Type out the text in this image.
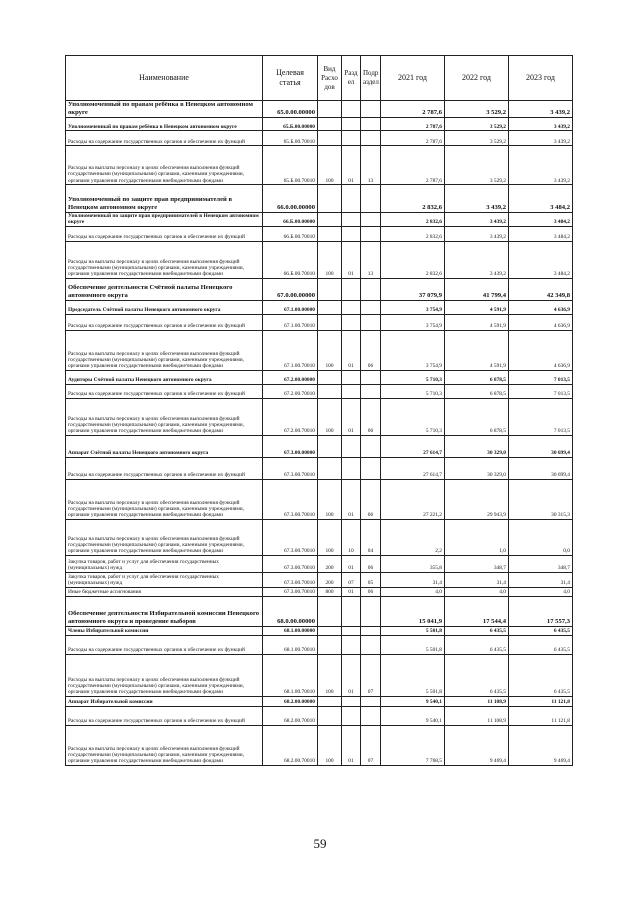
Наименование	Целевая статья	Вид Расхо дов	Разд ел	Подр аздел	2021 год	2022 год	2023 год
Уполномоченный по правам ребёнка в Ненецком автономном округе	65.0.00.00000				2 787,6	3 529,2	3 439,2
Уполномоченный по правам ребёнка в Ненецком автономном округе	65.Б.00.00000				2 787,6	3 529,2	3 439,2
Расходы на содержание государственных органов и обеспечение их функций	65.Б.00.70010				2 787,6	3 529,2	3 439,2
Расходы на выплаты персоналу в целях обеспечения выполнения функций государственными (муниципальными) органами, казенными учреждениями, органами управления государственными внебюджетными фондами	65.Б.00.70010	100	01	13	2 787,6	3 529,2	3 439,2
Уполномоченный по защите прав предпринимателей в Ненецком автономном округе	66.0.00.00000				2 832,6	3 439,2	3 484,2
Уполномоченный по защите прав предпринимателей в Ненецком автономном округе	66.Б.00.00000				2 832,6	3 439,2	3 484,2
Расходы на содержание государственных органов и обеспечение их функций	66.Б.00.70010				2 832,6	3 439,2	3 484,2
Расходы на выплаты персоналу в целях обеспечения выполнения функций государственными (муниципальными) органами, казенными учреждениями, органами управления государственными внебюджетными фондами	66.Б.00.70010	100	01	13	2 832,6	3 439,2	3 484,2
Обеспечение деятельности Счётной палаты Ненецкого автономного округа	67.0.00.00000				37 079,9	41 799,4	42 349,8
Председатель Счётной палаты Ненецкого автономного округа	67.1.00.00000				3 754,9	4 591,9	4 636,9
Расходы на содержание государственных органов и обеспечение их функций	67.1.00.70010				3 754,9	4 591,9	4 636,9
Расходы на выплаты персоналу в целях обеспечения выполнения функций государственными (муниципальными) органами, казенными учреждениями, органами управления государственными внебюджетными фондами	67.1.00.70010	100	01	06	3 754,9	4 591,9	4 636,9
Аудиторы Счётной палаты Ненецкого автономного округа	67.2.00.00000				5 710,3	6 878,5	7 013,5
Расходы на содержание государственных органов и обеспечение их функций	67.2.00.70010				5 710,3	6 878,5	7 013,5
Расходы на выплаты персоналу в целях обеспечения выполнения функций государственными (муниципальными) органами, казенными учреждениями, органами управления государственными внебюджетными фондами	67.2.00.70010	100	01	06	5 710,3	6 878,5	7 013,5
Аппарат Счётной палаты Ненецкого автономного округа	67.3.00.00000				27 614,7	30 329,0	30 699,4
Расходы на содержание государственных органов и обеспечение их функций	67.3.00.70010				27 614,7	30 329,0	30 699,4
Расходы на выплаты персоналу в целях обеспечения выполнения функций государственными (муниципальными) органами, казенными учреждениями, органами управления государственными внебюджетными фондами	67.3.00.70010	100	01	06	27 221,2	29 943,9	30 315,3
Расходы на выплаты персоналу в целях обеспечения выполнения функций государственными (муниципальными) органами, казенными учреждениями, органами управления государственными внебюджетными фондами	67.3.00.70010	100	10	04	2,2	1,0	0,0
Закупка товаров, работ и услуг для обеспечения государственных (муниципальных) нужд	67.3.00.70010	200	01	06	355,8	348,7	348,7
Закупка товаров, работ и услуг для обеспечения государственных (муниципальных) нужд	67.3.00.70010	200	07	05	31,4	31,4	31,4
Иные бюджетные ассигнования	67.3.00.70010	800	01	06	4,0	4,0	4,0
Обеспечение деятельности Избирательной комиссии Ненецкого автономного округа и проведение выборов	68.0.00.00000				15 041,9	17 544,4	17 557,3
Члены Избирательной комиссии	68.1.00.00000				5 501,8	6 435,5	6 435,5
Расходы на содержание государственных органов и обеспечение их функций	68.1.00.70010				5 501,8	6 435,5	6 435,5
Расходы на выплаты персоналу в целях обеспечения выполнения функций государственными (муниципальными) органами, казенными учреждениями, органами управления государственными внебюджетными фондами	68.1.00.70010	100	01	07	5 501,8	6 435,5	6 435,5
Аппарат Избирательной комиссии	68.2.00.00000				9 540,1	11 108,9	11 121,8
Расходы на содержание государственных органов и обеспечение их функций	68.2.00.70010				9 540,1	11 108,9	11 121,8
Расходы на выплаты персоналу в целях обеспечения выполнения функций государственными (муниципальными) органами, казенными учреждениями, органами управления государственными внебюджетными фондами	68.2.00.70010	100	01	07	7 768,5	9 469,4	9 469,4
59
